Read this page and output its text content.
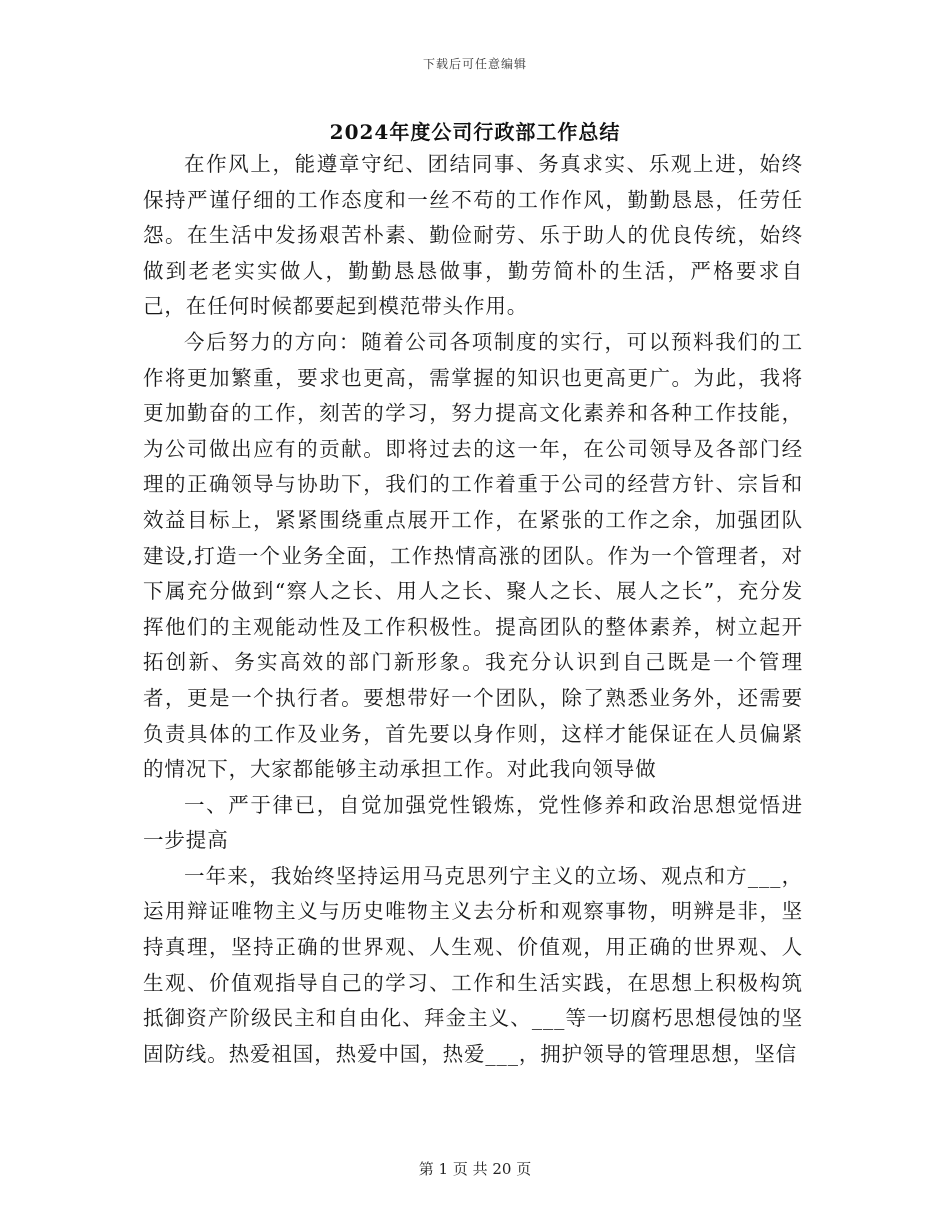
下载后可任意编辑
2024年度公司行政部工作总结

在作风上，能遵章守纪、团结同事、务真求实、乐观上进，始终保持严谨仔细的工作态度和一丝不苟的工作作风，勤勤恳恳，任劳任怨。在生活中发扬艰苦朴素、勤俭耐劳、乐于助人的优良传统，始终做到老老实实做人，勤勤恳恳做事，勤劳简朴的生活，严格要求自己，在任何时候都要起到模范带头作用。

今后努力的方向：随着公司各项制度的实行，可以预料我们的工作将更加繁重，要求也更高，需掌握的知识也更高更广。为此，我将更加勤奋的工作，刻苦的学习，努力提高文化素养和各种工作技能，为公司做出应有的贡献。即将过去的这一年，在公司领导及各部门经理的正确领导与协助下，我们的工作着重于公司的经营方针、宗旨和效益目标上，紧紧围绕重点展开工作，在紧张的工作之余，加强团队建设,打造一个业务全面，工作热情高涨的团队。作为一个管理者，对下属充分做到“察人之长、用人之长、聚人之长、展人之长”，充分发挥他们的主观能动性及工作积极性。提高团队的整体素养，树立起开拓创新、务实高效的部门新形象。我充分认识到自己既是一个管理者，更是一个执行者。要想带好一个团队，除了熟悉业务外，还需要负责具体的工作及业务，首先要以身作则，这样才能保证在人员偏紧的情况下，大家都能够主动承担工作。对此我向领导做

一、严于律已，自觉加强党性锻炼，党性修养和政治思想觉悟进一步提高

一年来，我始终坚持运用马克思列宁主义的立场、观点和方___，运用辩证唯物主义与历史唯物主义去分析和观察事物，明辨是非，坚持真理，坚持正确的世界观、人生观、价值观，用正确的世界观、人生观、价值观指导自己的学习、工作和生活实践，在思想上积极构筑抵御资产阶级民主和自由化、拜金主义、___等一切腐朽思想侵蚀的坚固防线。热爱祖国，热爱中国，热爱___，拥护领导的管理思想，坚信

第 1 页 共 20 页
